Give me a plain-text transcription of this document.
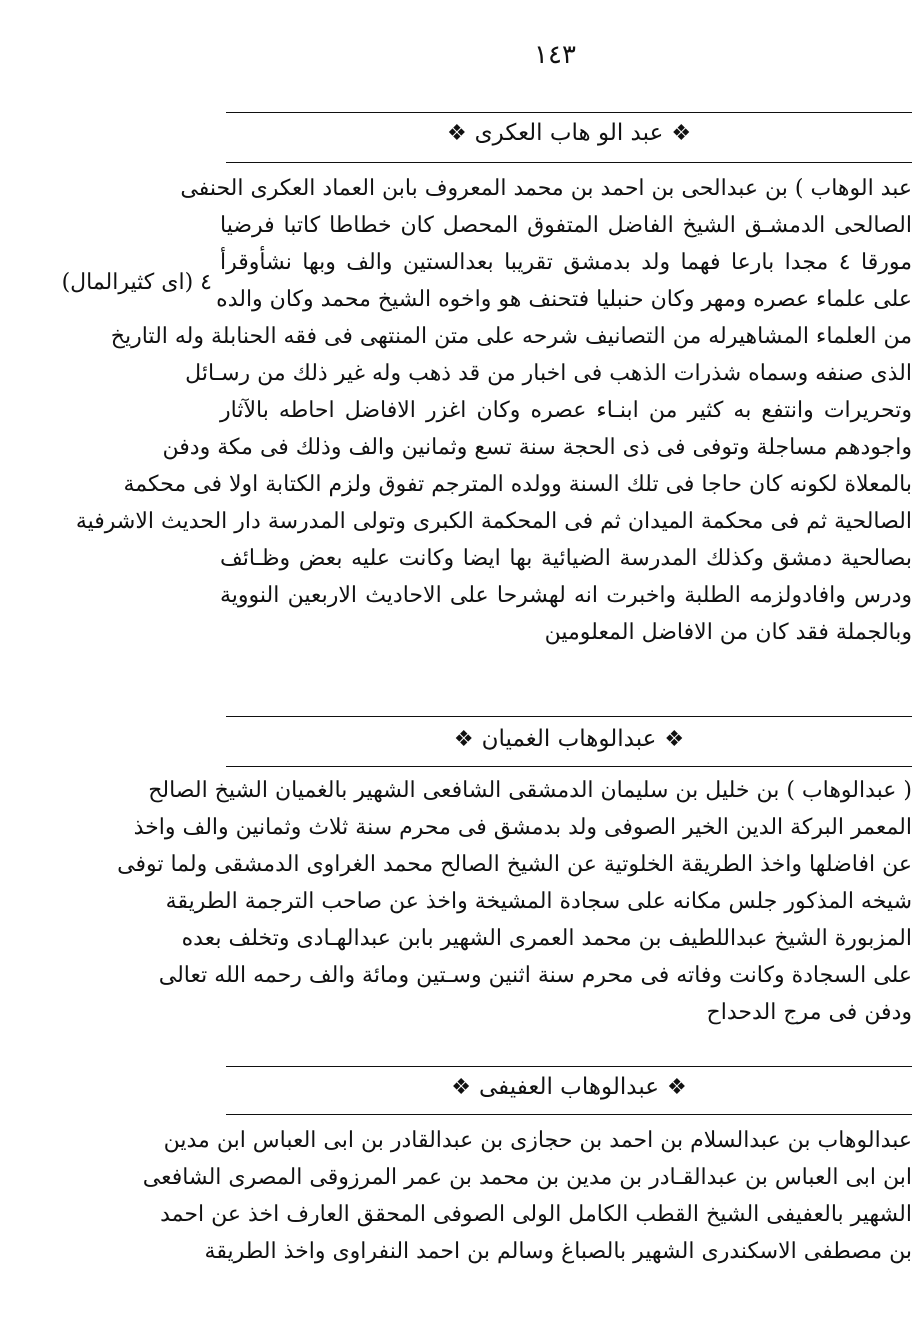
١٤٣
٤ (اى كثيرالمال)
❖عبد الو هاب العكرى❖
عبد الوهاب ) بن عبدالحى بن احمد بن محمد المعروف بابن العماد العكرى الحنفى
الصالحى الدمشـق الشيخ الفاضل المتفوق المحصل كان خطاطا كاتبا فرضيا
مورقا ٤ مجدا بارعا فهما ولد بدمشق تقريبا بعدالستين والف وبها نشأوقرأ
على علماء عصره ومهر وكان حنبليا فتحنف هو واخوه الشيخ محمد وكان والده
من العلماء المشاهيرله من التصانيف شرحه على متن المنتهى فى فقه الحنابلة وله التاريخ
الذى صنفه وسماه شذرات الذهب فى اخبار من قد ذهب وله غير ذلك من رسـائل
وتحريرات وانتفع به كثير من ابنـاء عصره وكان اغزر الافاضل احاطه بالآثار
واجودهم مساجلة وتوفى فى ذى الحجة سنة تسع وثمانين والف وذلك فى مكة ودفن
بالمعلاة لكونه كان حاجا فى تلك السنة وولده المترجم تفوق ولزم الكتابة اولا فى محكمة
الصالحية ثم فى محكمة الميدان ثم فى المحكمة الكبرى وتولى المدرسة دار الحديث الاشرفية
بصالحية دمشق وكذلك المدرسة الضيائية بها ايضا وكانت عليه بعض وظـائف
ودرس وافادولزمه الطلبة واخبرت انه لهشرحا على الاحاديث الاربعين النووية
وبالجملة فقد كان من الافاضل المعلومين
❖عبدالوهاب الغميان❖
( عبدالوهاب ) بن خليل بن سليمان الدمشقى الشافعى الشهير بالغميان الشيخ الصالح
المعمر البركة الدين الخير الصوفى ولد بدمشق فى محرم سنة ثلاث وثمانين والف واخذ
عن افاضلها واخذ الطريقة الخلوتية عن الشيخ الصالح محمد الغراوى الدمشقى ولما توفى
شيخه المذكور جلس مكانه على سجادة المشيخة واخذ عن صاحب الترجمة الطريقة
المزبورة الشيخ عبداللطيف بن محمد العمرى الشهير بابن عبدالهـادى وتخلف بعده
على السجادة وكانت وفاته فى محرم سنة اثنين وسـتين ومائة والف رحمه الله تعالى
ودفن فى مرج الدحداح
❖عبدالوهاب العفيفى❖
عبدالوهاب بن عبدالسلام بن احمد بن حجازى بن عبدالقادر بن ابى العباس ابن مدين
ابن ابى العباس بن عبدالقـادر بن مدين بن محمد بن عمر المرزوقى المصرى الشافعى
الشهير بالعفيفى الشيخ القطب الكامل الولى الصوفى المحقق العارف اخذ عن احمد
بن مصطفى الاسكندرى الشهير بالصباغ وسالم بن احمد النفراوى واخذ الطريقة
